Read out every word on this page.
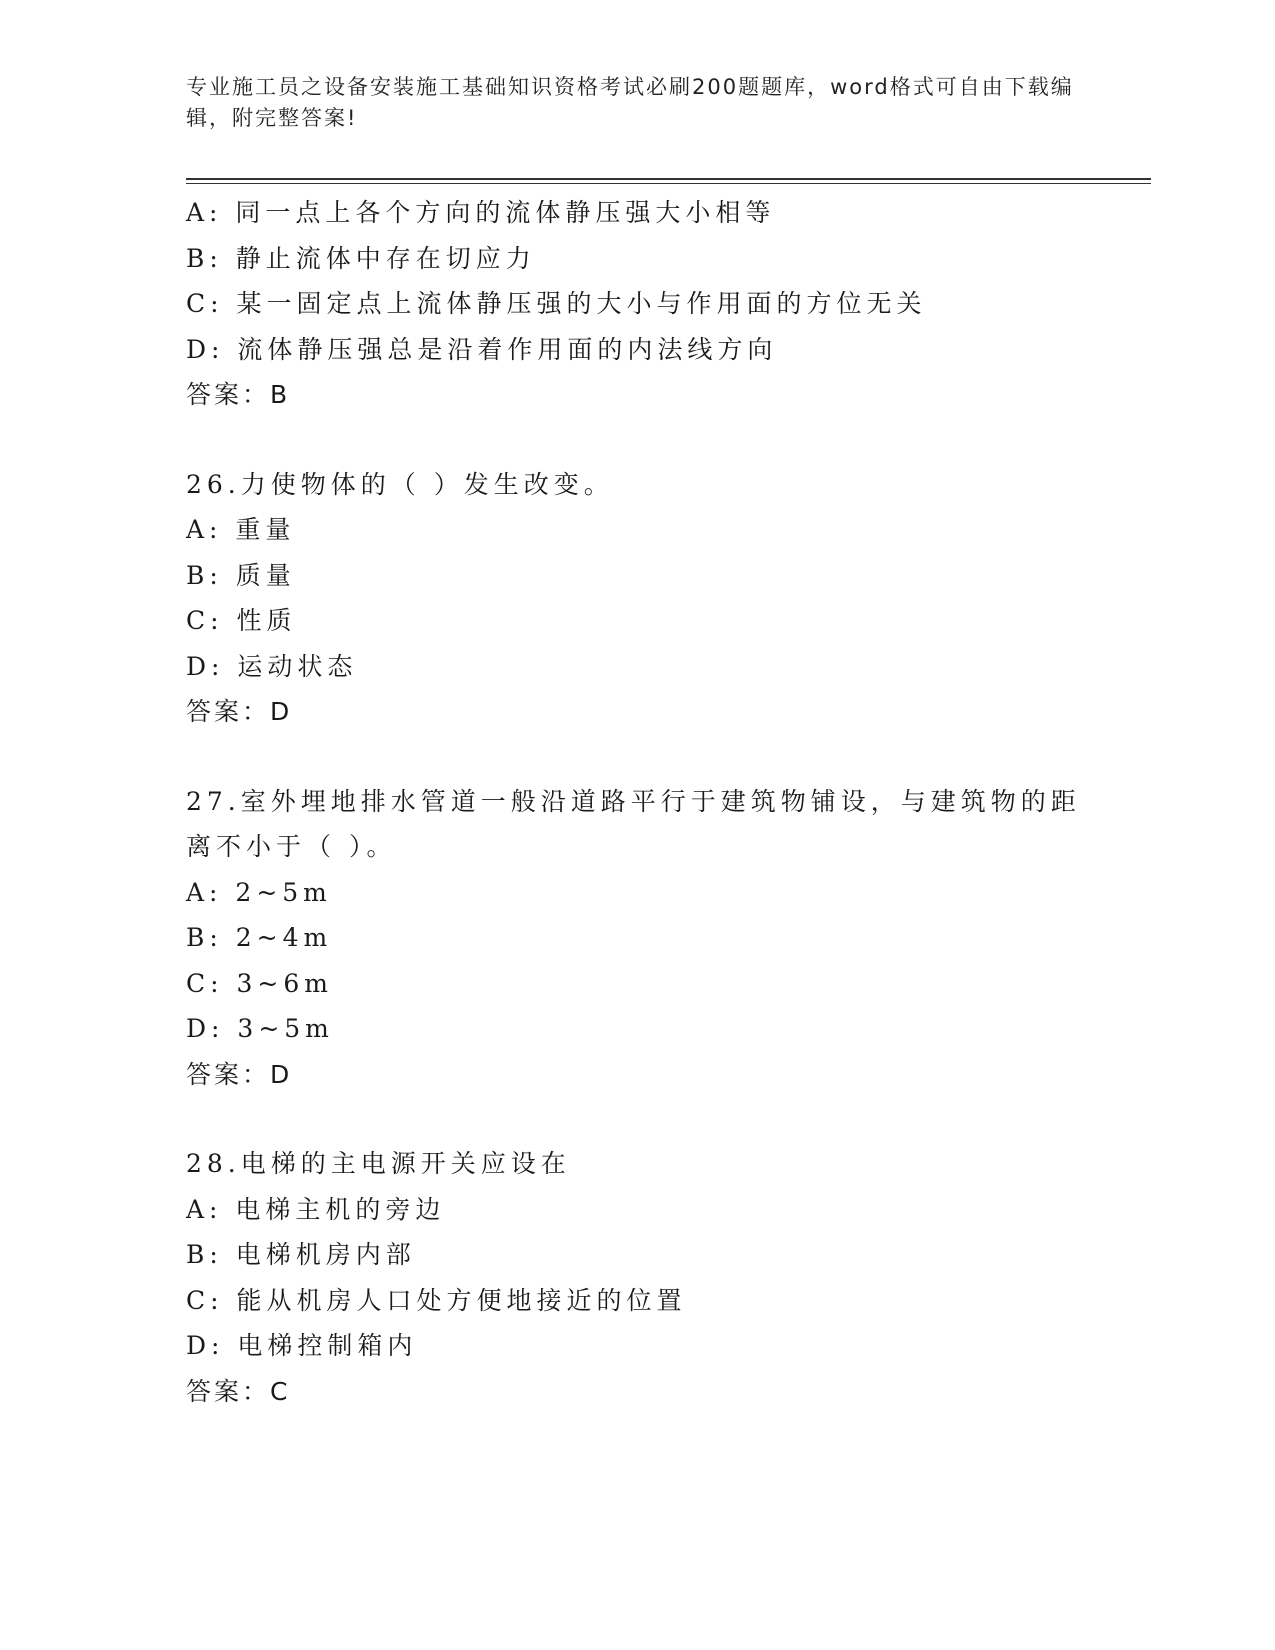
专业施工员之设备安装施工基础知识资格考试必刷200题题库，word格式可自由下载编辑，附完整答案!
A: 同一点上各个方向的流体静压强大小相等
B: 静止流体中存在切应力
C: 某一固定点上流体静压强的大小与作用面的方位无关
D: 流体静压强总是沿着作用面的内法线方向
答案：B
26.力使物体的（ ）发生改变。
A: 重量
B: 质量
C: 性质
D: 运动状态
答案：D
27.室外埋地排水管道一般沿道路平行于建筑物铺设，与建筑物的距离不小于（ ）。
A: 2~5m
B: 2~4m
C: 3~6m
D: 3~5m
答案：D
28.电梯的主电源开关应设在
A: 电梯主机的旁边
B: 电梯机房内部
C: 能从机房人口处方便地接近的位置
D: 电梯控制箱内
答案：C
